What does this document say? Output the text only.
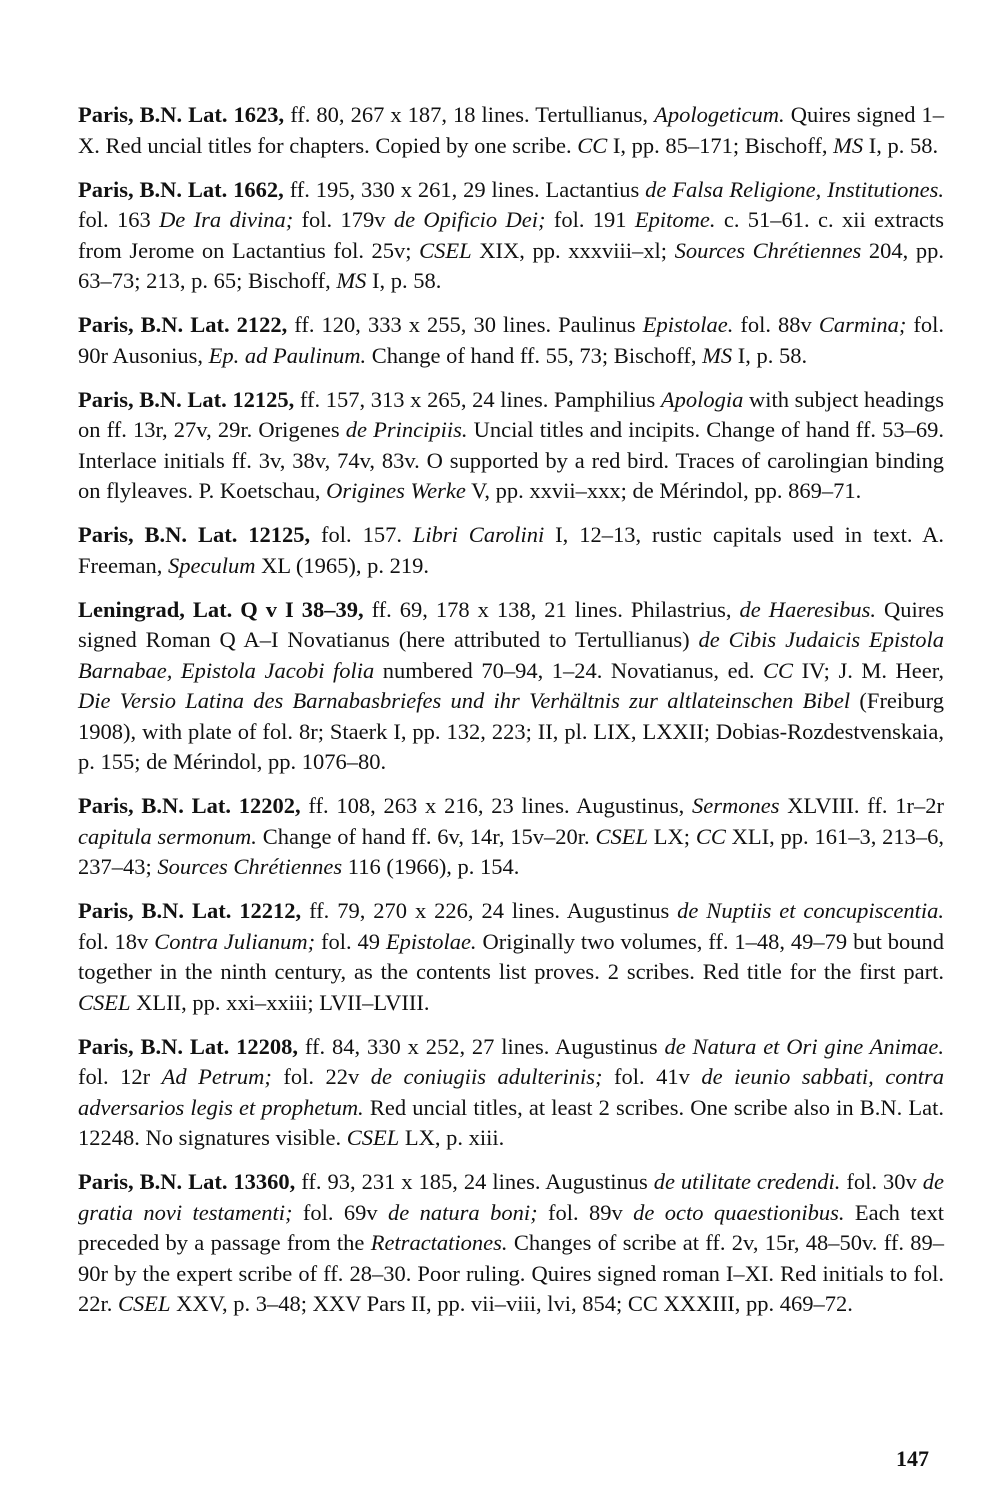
Paris, B.N. Lat. 1623, ff. 80, 267 x 187, 18 lines. Tertullianus, Apologeticum. Quires signed 1–X. Red uncial titles for chapters. Copied by one scribe. CC I, pp. 85–171; Bischoff, MS I, p. 58.

Paris, B.N. Lat. 1662, ff. 195, 330 x 261, 29 lines. Lactantius de Falsa Religione, Institutiones. fol. 163 De Ira divina; fol. 179v de Opificio Dei; fol. 191 Epitome. c. 51–61. c. xii extracts from Jerome on Lactantius fol. 25v; CSEL XIX, pp. xxxviii–xl; Sources Chrétiennes 204, pp. 63–73; 213, p. 65; Bischoff, MS I, p. 58.

Paris, B.N. Lat. 2122, ff. 120, 333 x 255, 30 lines. Paulinus Epistolae. fol. 88v Carmina; fol. 90r Ausonius, Ep. ad Paulinum. Change of hand ff. 55, 73; Bischoff, MS I, p. 58.

Paris, B.N. Lat. 12125, ff. 157, 313 x 265, 24 lines. Pamphilius Apologia with subject headings on ff. 13r, 27v, 29r. Origenes de Principiis. Uncial titles and incipits. Change of hand ff. 53–69. Interlace initials ff. 3v, 38v, 74v, 83v. O supported by a red bird. Traces of carolingian binding on flyleaves. P. Koetschau, Origines Werke V, pp. xxvii–xxx; de Mérindol, pp. 869–71.

Paris, B.N. Lat. 12125, fol. 157. Libri Carolini I, 12–13, rustic capitals used in text. A. Freeman, Speculum XL (1965), p. 219.

Leningrad, Lat. Q v I 38–39, ff. 69, 178 x 138, 21 lines. Philastrius, de Haeresibus. Quires signed Roman Q A–I Novatianus (here attributed to Tertullianus) de Cibis Judaicis Epistola Barnabae, Epistola Jacobi folia numbered 70–94, 1–24. Novatianus, ed. CC IV; J. M. Heer, Die Versio Latina des Barnabasbriefes und ihr Verhältnis zur altlateinschen Bibel (Freiburg 1908), with plate of fol. 8r; Staerk I, pp. 132, 223; II, pl. LIX, LXXII; Dobias-Rozdestvenskaia, p. 155; de Mérindol, pp. 1076–80.

Paris, B.N. Lat. 12202, ff. 108, 263 x 216, 23 lines. Augustinus, Sermones XLVIII. ff. 1r–2r capitula sermonum. Change of hand ff. 6v, 14r, 15v–20r. CSEL LX; CC XLI, pp. 161–3, 213–6, 237–43; Sources Chrétiennes 116 (1966), p. 154.

Paris, B.N. Lat. 12212, ff. 79, 270 x 226, 24 lines. Augustinus de Nuptiis et concupiscentia. fol. 18v Contra Julianum; fol. 49 Epistolae. Originally two volumes, ff. 1–48, 49–79 but bound together in the ninth century, as the contents list proves. 2 scribes. Red title for the first part. CSEL XLII, pp. xxi–xxiii; LVII–LVIII.

Paris, B.N. Lat. 12208, ff. 84, 330 x 252, 27 lines. Augustinus de Natura et Ori gine Animae. fol. 12r Ad Petrum; fol. 22v de coniugiis adulterinis; fol. 41v de ieunio sabbati, contra adversarios legis et prophetum. Red uncial titles, at least 2 scribes. One scribe also in B.N. Lat. 12248. No signatures visible. CSEL LX, p. xiii.

Paris, B.N. Lat. 13360, ff. 93, 231 x 185, 24 lines. Augustinus de utilitate credendi. fol. 30v de gratia novi testamenti; fol. 69v de natura boni; fol. 89v de octo quaestionibus. Each text preceded by a passage from the Retractationes. Changes of scribe at ff. 2v, 15r, 48–50v. ff. 89–90r by the expert scribe of ff. 28–30. Poor ruling. Quires signed roman I–XI. Red initials to fol. 22r. CSEL XXV, p. 3–48; XXV Pars II, pp. vii–viii, lvi, 854; CC XXXIII, pp. 469–72.

147
